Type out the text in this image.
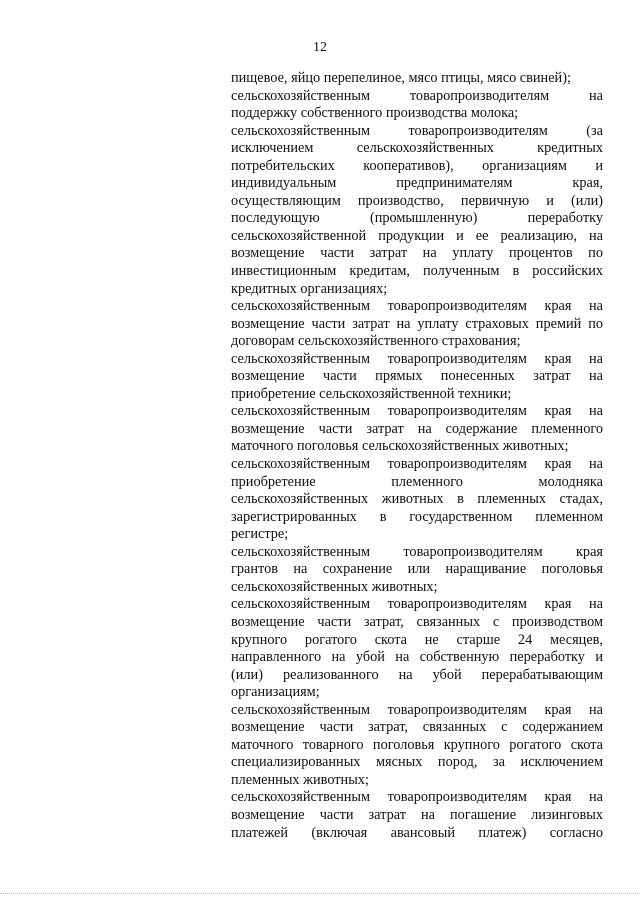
12
пищевое, яйцо перепелиное, мясо птицы, мясо свиней);
сельскохозяйственным товаропроизводителям на
поддержку собственного производства молока;
сельскохозяйственным товаропроизводителям (за
исключением сельскохозяйственных кредитных
потребительских кооперативов), организациям и
индивидуальным предпринимателям края,
осуществляющим производство, первичную и (или)
последующую (промышленную) переработку
сельскохозяйственной продукции и ее реализацию, на
возмещение части затрат на уплату процентов по
инвестиционным кредитам, полученным в российских
кредитных организациях;
сельскохозяйственным товаропроизводителям края на
возмещение части затрат на уплату страховых премий по
договорам сельскохозяйственного страхования;
сельскохозяйственным товаропроизводителям края на
возмещение части прямых понесенных затрат на
приобретение сельскохозяйственной техники;
сельскохозяйственным товаропроизводителям края на
возмещение части затрат на содержание племенного
маточного поголовья сельскохозяйственных животных;
сельскохозяйственным товаропроизводителям края на
приобретение племенного молодняка
сельскохозяйственных животных в племенных стадах,
зарегистрированных в государственном племенном
регистре;
сельскохозяйственным товаропроизводителям края
грантов на сохранение или наращивание поголовья
сельскохозяйственных животных;
сельскохозяйственным товаропроизводителям края на
возмещение части затрат, связанных с производством
крупного рогатого скота не старше 24 месяцев,
направленного на убой на собственную переработку и
(или) реализованного на убой перерабатывающим
организациям;
сельскохозяйственным товаропроизводителям края на
возмещение части затрат, связанных с содержанием
маточного товарного поголовья крупного рогатого скота
специализированных мясных пород, за исключением
племенных животных;
сельскохозяйственным товаропроизводителям края на
возмещение части затрат на погашение лизинговых
платежей (включая авансовый платеж) согласно
